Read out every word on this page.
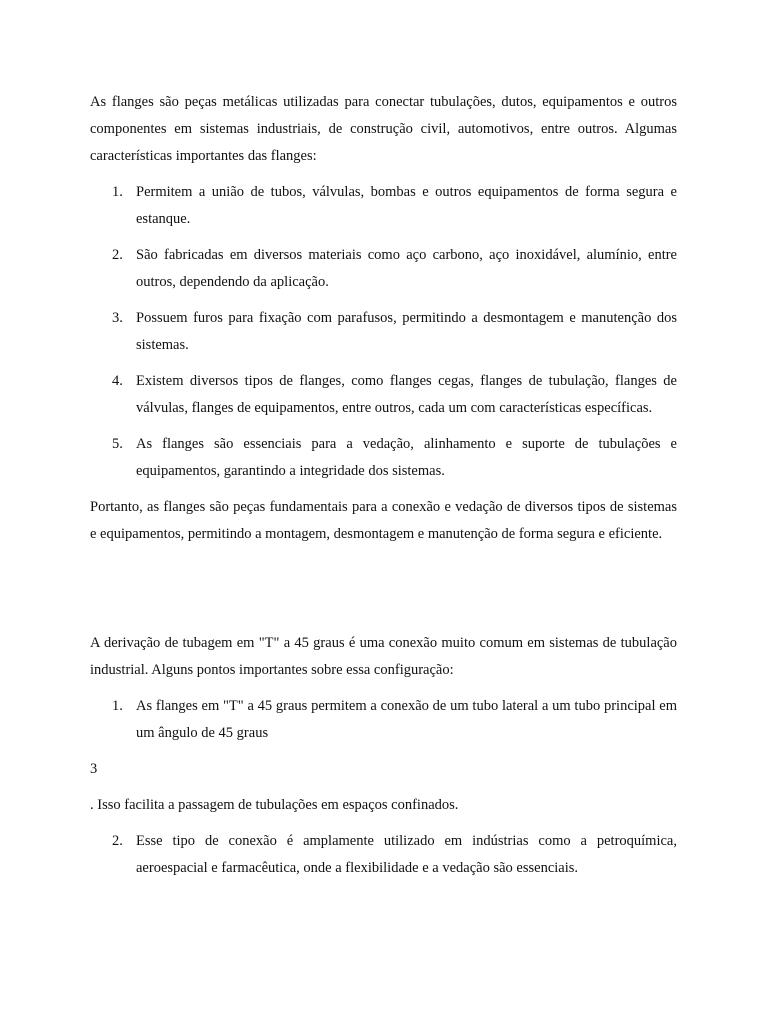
As flanges são peças metálicas utilizadas para conectar tubulações, dutos, equipamentos e outros componentes em sistemas industriais, de construção civil, automotivos, entre outros. Algumas características importantes das flanges:

1. Permitem a união de tubos, válvulas, bombas e outros equipamentos de forma segura e estanque.
2. São fabricadas em diversos materiais como aço carbono, aço inoxidável, alumínio, entre outros, dependendo da aplicação.
3. Possuem furos para fixação com parafusos, permitindo a desmontagem e manutenção dos sistemas.
4. Existem diversos tipos de flanges, como flanges cegas, flanges de tubulação, flanges de válvulas, flanges de equipamentos, entre outros, cada um com características específicas.
5. As flanges são essenciais para a vedação, alinhamento e suporte de tubulações e equipamentos, garantindo a integridade dos sistemas.

Portanto, as flanges são peças fundamentais para a conexão e vedação de diversos tipos de sistemas e equipamentos, permitindo a montagem, desmontagem e manutenção de forma segura e eficiente.

A derivação de tubagem em "T" a 45 graus é uma conexão muito comum em sistemas de tubulação industrial. Alguns pontos importantes sobre essa configuração:

1. As flanges em "T" a 45 graus permitem a conexão de um tubo lateral a um tubo principal em um ângulo de 45 graus

3

. Isso facilita a passagem de tubulações em espaços confinados.

2. Esse tipo de conexão é amplamente utilizado em indústrias como a petroquímica, aeroespacial e farmacêutica, onde a flexibilidade e a vedação são essenciais.
